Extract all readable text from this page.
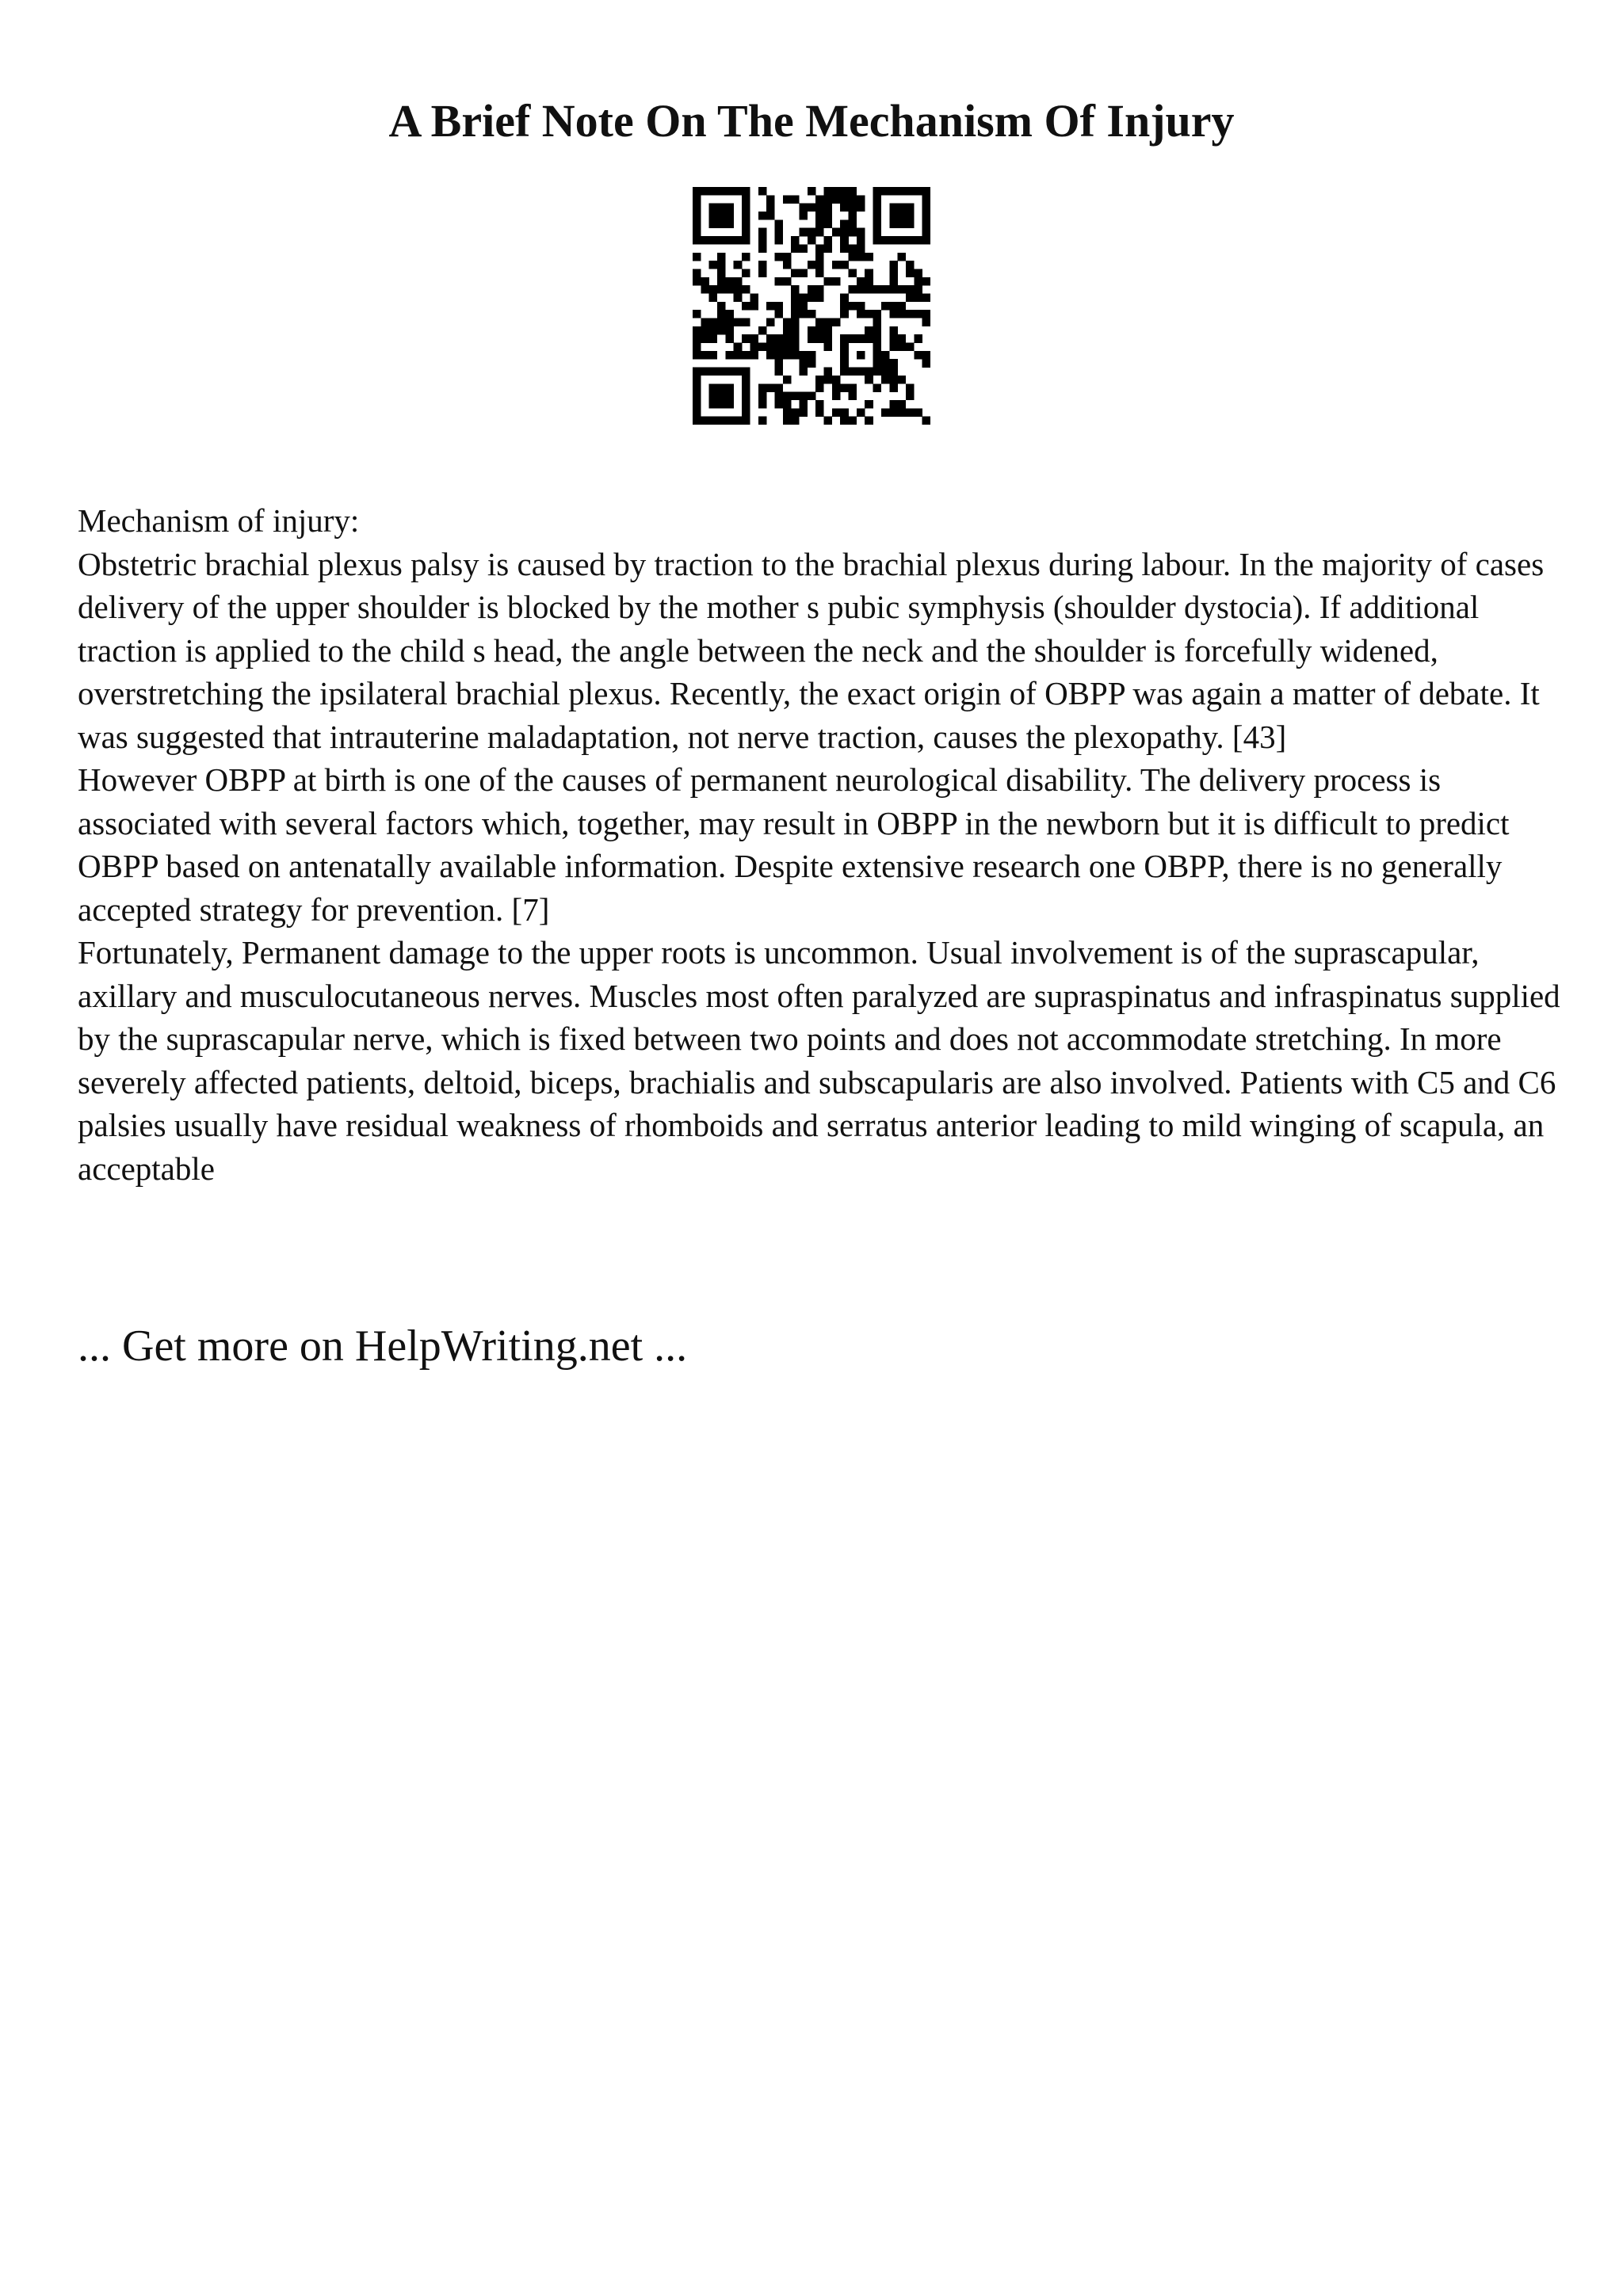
A Brief Note On The Mechanism Of Injury

Mechanism of injury:

Obstetric brachial plexus palsy is caused by traction to the brachial plexus during labour. In the majority of cases delivery of the upper shoulder is blocked by the mother s pubic symphysis (shoulder dystocia). If additional traction is applied to the child s head, the angle between the neck and the shoulder is forcefully widened, overstretching the ipsilateral brachial plexus. Recently, the exact origin of OBPP was again a matter of debate. It was suggested that intrauterine maladaptation, not nerve traction, causes the plexopathy. [43]

However OBPP at birth is one of the causes of permanent neurological disability. The delivery process is associated with several factors which, together, may result in OBPP in the newborn but it is difficult to predict OBPP based on antenatally available information. Despite extensive research one OBPP, there is no generally accepted strategy for prevention. [7]

Fortunately, Permanent damage to the upper roots is uncommon. Usual involvement is of the suprascapular, axillary and musculocutaneous nerves. Muscles most often paralyzed are supraspinatus and infraspinatus supplied by the suprascapular nerve, which is fixed between two points and does not accommodate stretching. In more severely affected patients, deltoid, biceps, brachialis and subscapularis are also involved. Patients with C5 and C6 palsies usually have residual weakness of rhomboids and serratus anterior leading to mild winging of scapula, an acceptable

... Get more on HelpWriting.net ...
